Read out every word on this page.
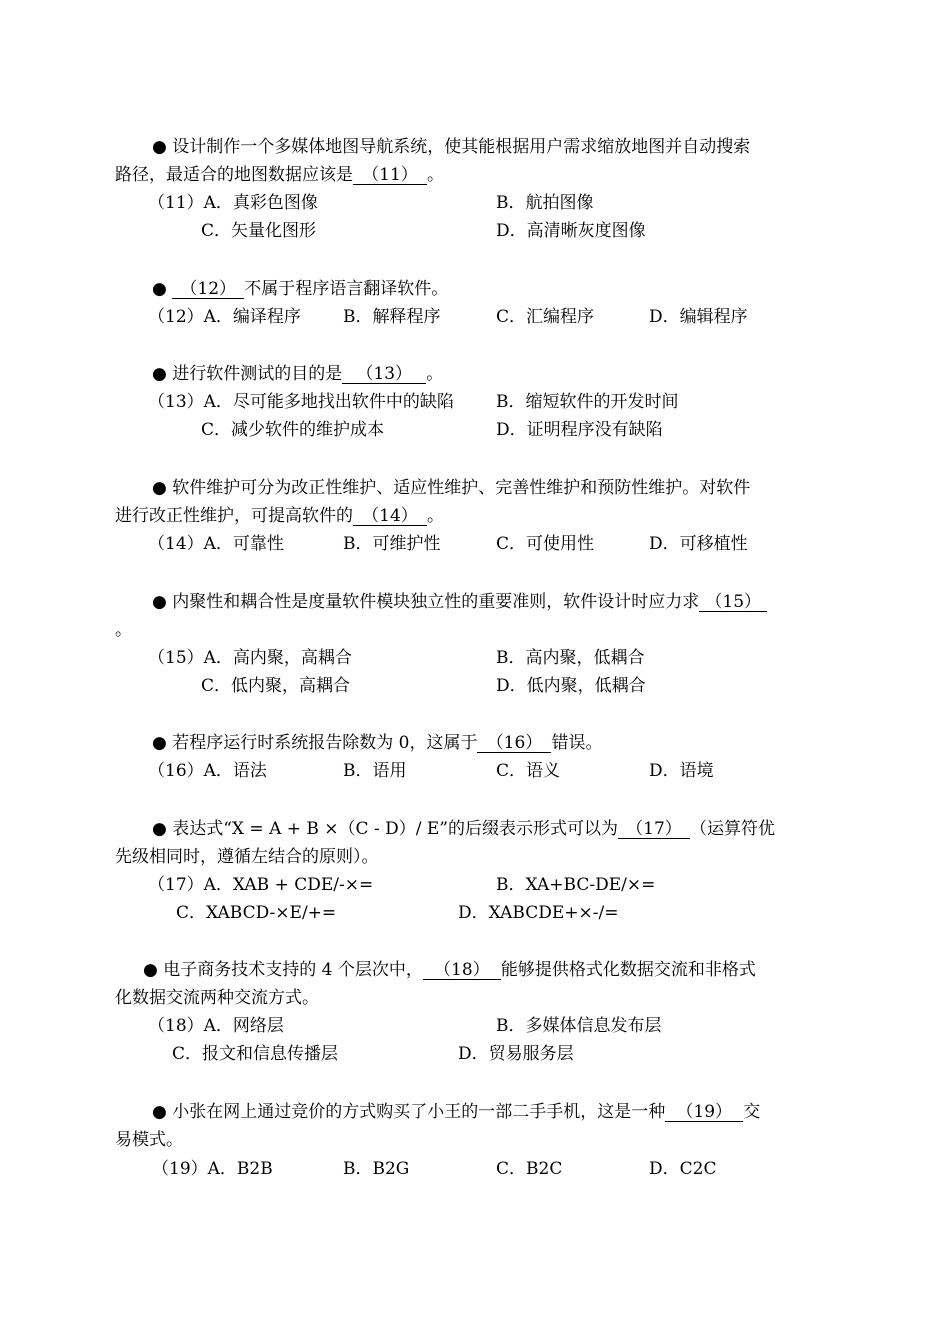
● 设计制作一个多媒体地图导航系统，使其能根据用户需求缩放地图并自动搜索
路径，最适合的地图数据应该是 （11） 。
（11）A．真彩色图像	B．航拍图像
C．矢量化图形	D．高清晰灰度图像
● （12） 不属于程序语言翻译软件。
（12）A．编译程序 B．解释程序	C．汇编程序	D．编辑程序
● 进行软件测试的目的是 （13） 。
（13）A．尽可能多地找出软件中的缺陷 B．缩短软件的开发时间
C．减少软件的维护成本	D．证明程序没有缺陷
● 软件维护可分为改正性维护、适应性维护、完善性维护和预防性维护。对软件
进行改正性维护，可提高软件的 （14） 。
（14）A．可靠性	B．可维护性	C．可使用性	D．可移植性
● 内聚性和耦合性是度量软件模块独立性的重要准则，软件设计时应力求 （15）
。
（15）A．高内聚，高耦合	B．高内聚，低耦合
C．低内聚，高耦合	D．低内聚，低耦合
● 若程序运行时系统报告除数为 0，这属于 （16） 错误。
（16）A．语法	B．语用	C．语义	D．语境
● 表达式“X = A + B ×（C - D）/ E”的后缀表示形式可以为 （17） （运算符优
先级相同时，遵循左结合的原则）。
（17）A．XAB + CDE/-×=	B．XA+BC-DE/×=
C．XABCD-×E/+=	D．XABCDE+×-/=
● 电子商务技术支持的 4 个层次中， （18） 能够提供格式化数据交流和非格式
化数据交流两种交流方式。
（18）A．网络层	B．多媒体信息发布层
C．报文和信息传播层	D．贸易服务层
● 小张在网上通过竞价的方式购买了小王的一部二手手机，这是一种 （19） 交
易模式。
（19）A．B2B	B．B2G	C．B2C	D．C2C
